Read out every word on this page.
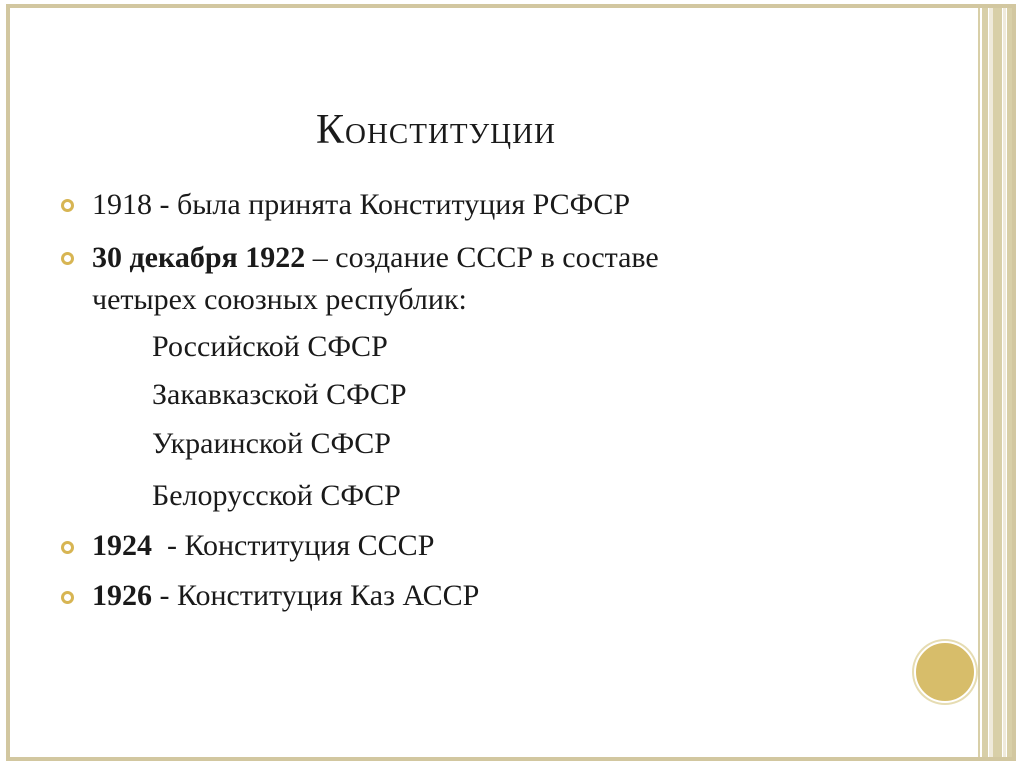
Конституции
1918 - была принята Конституция РСФСР
30 декабря 1922 – создание СССР в составе
четырех союзных республик:
Российской СФСР
Закавказской СФСР
Украинской СФСР
Белорусской СФСР
1924  - Конституция СССР
1926 - Конституция Каз АССР
